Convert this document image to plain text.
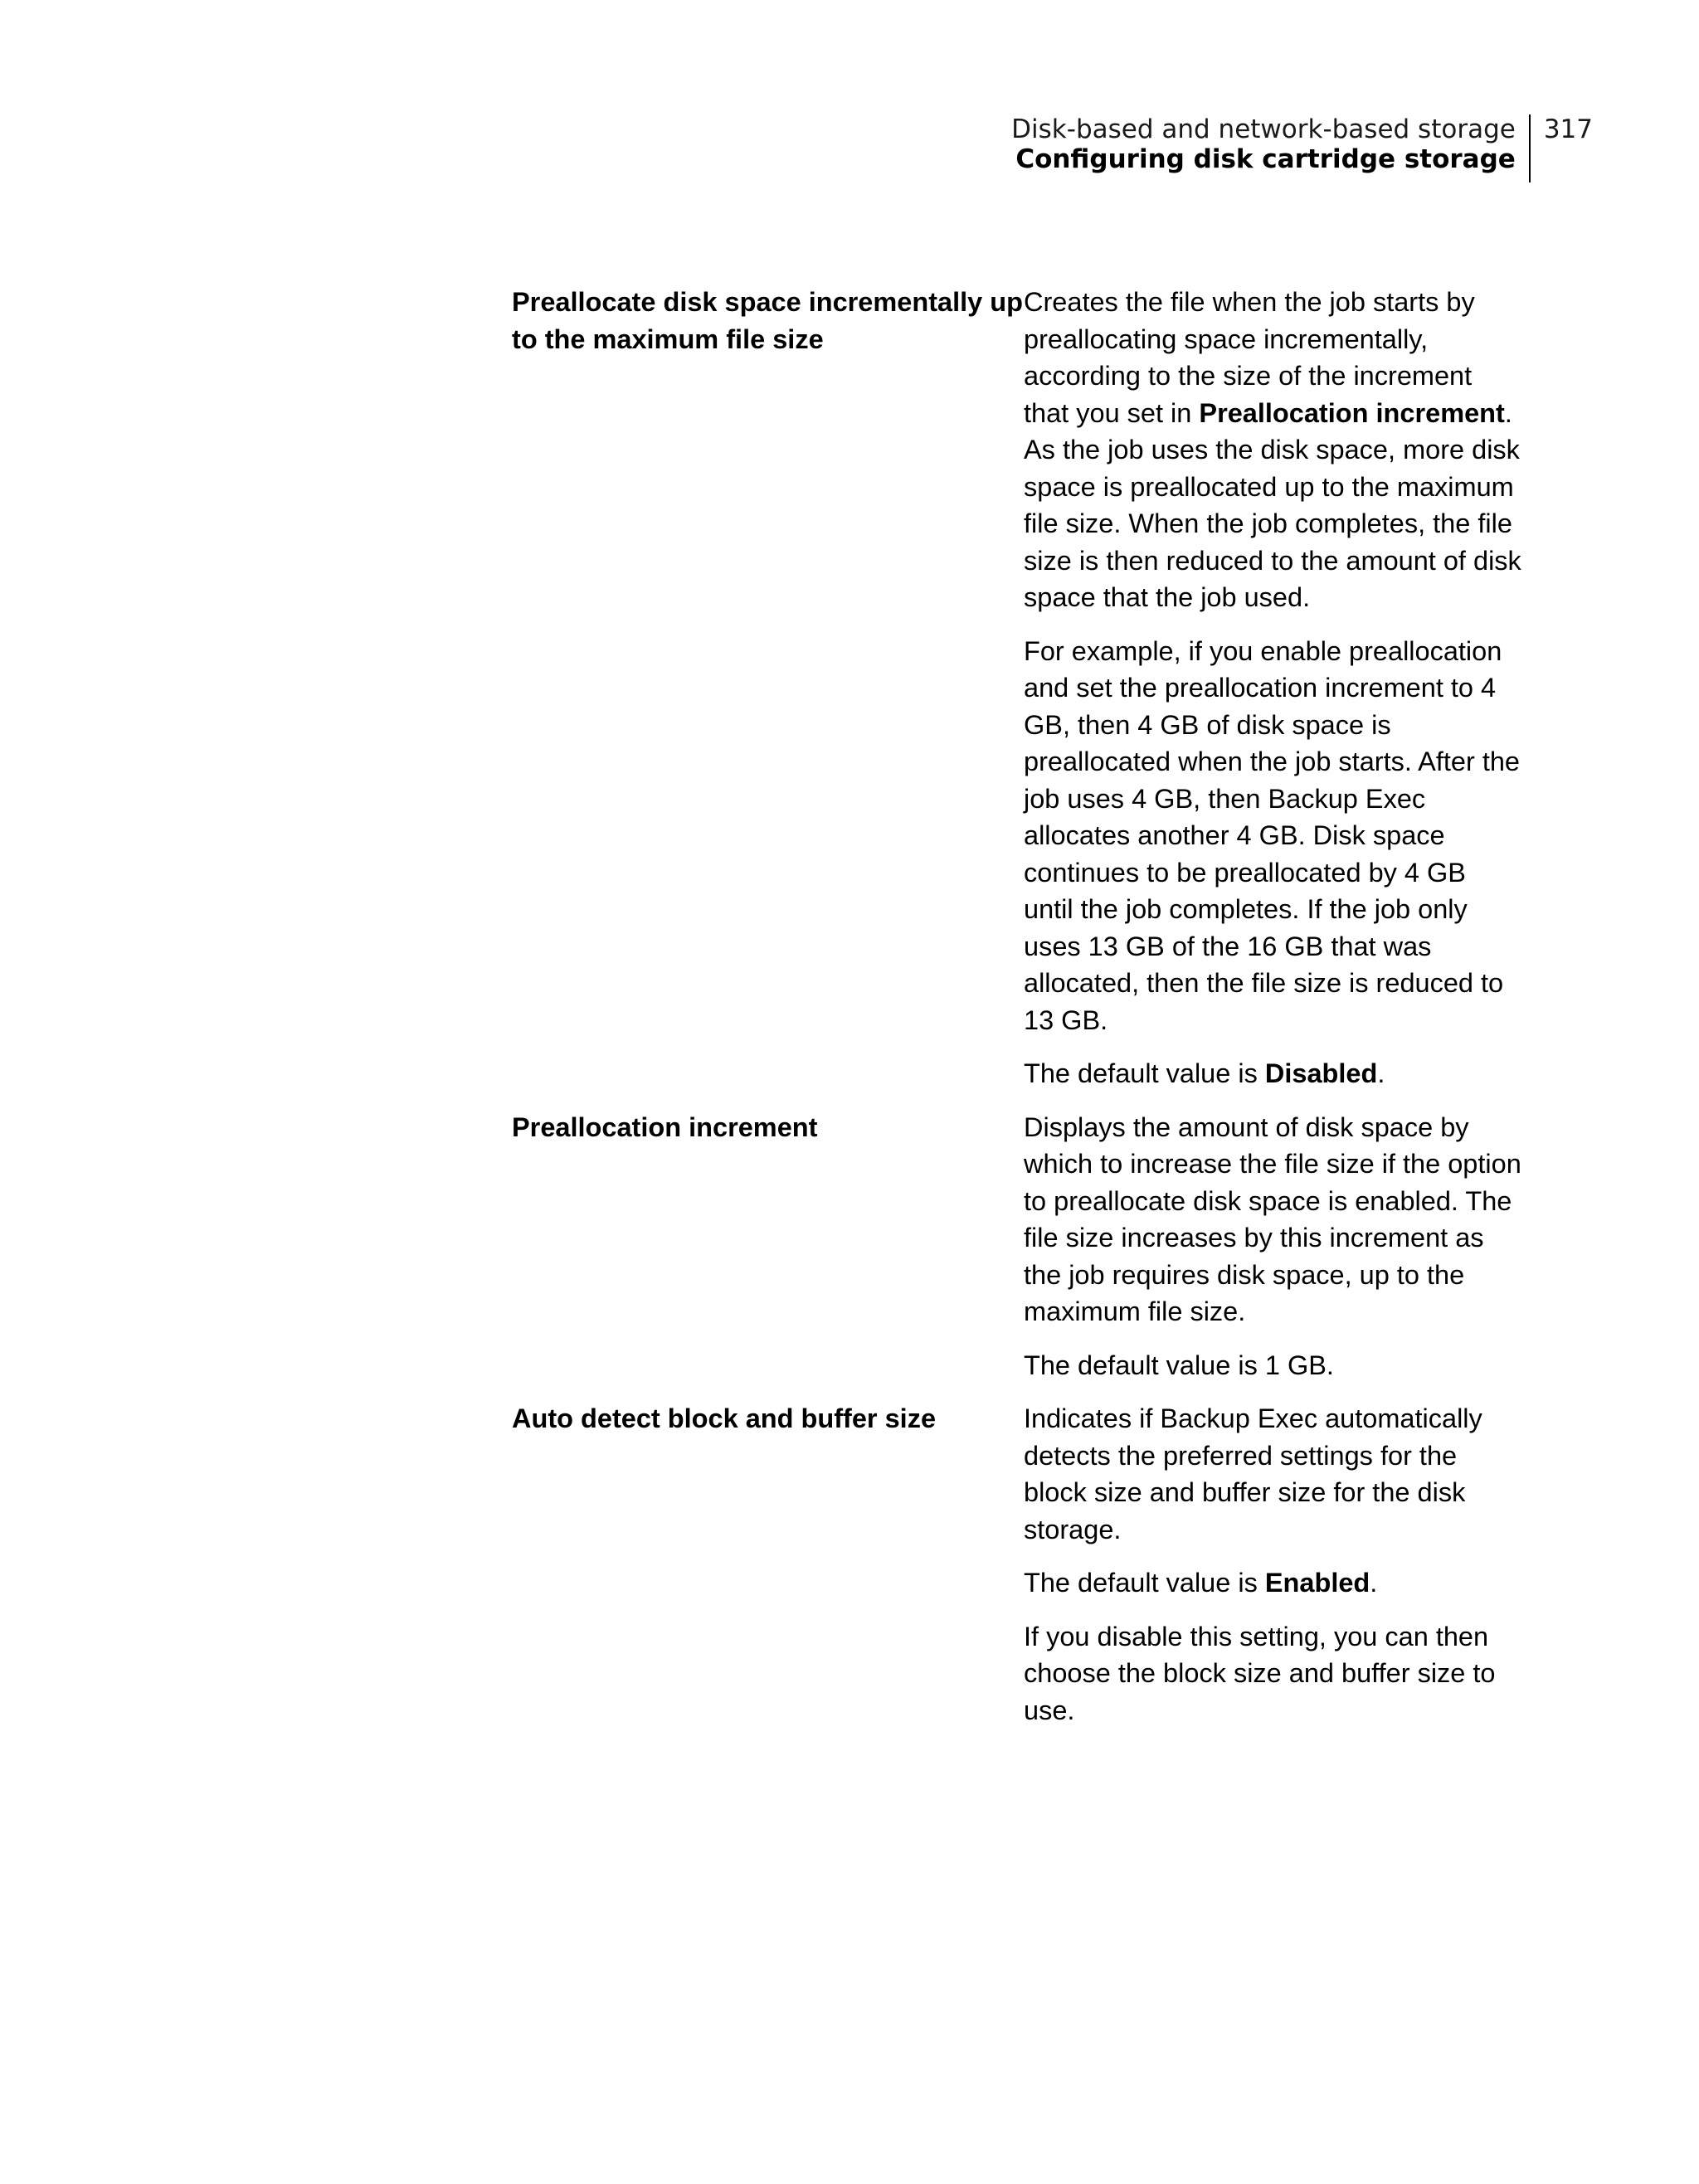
Disk-based and network-based storage
Configuring disk cartridge storage
317
Preallocate disk space incrementally up to the maximum file size

Creates the file when the job starts by preallocating space incrementally, according to the size of the increment that you set in Preallocation increment. As the job uses the disk space, more disk space is preallocated up to the maximum file size. When the job completes, the file size is then reduced to the amount of disk space that the job used.

For example, if you enable preallocation and set the preallocation increment to 4 GB, then 4 GB of disk space is preallocated when the job starts. After the job uses 4 GB, then Backup Exec allocates another 4 GB. Disk space continues to be preallocated by 4 GB until the job completes. If the job only uses 13 GB of the 16 GB that was allocated, then the file size is reduced to 13 GB.

The default value is Disabled.

Preallocation increment	Displays the amount of disk space by which to increase the file size if the option to preallocate disk space is enabled. The file size increases by this increment as the job requires disk space, up to the maximum file size.

The default value is 1 GB.

Auto detect block and buffer size	Indicates if Backup Exec automatically detects the preferred settings for the block size and buffer size for the disk storage.

The default value is Enabled.

If you disable this setting, you can then choose the block size and buffer size to use.
